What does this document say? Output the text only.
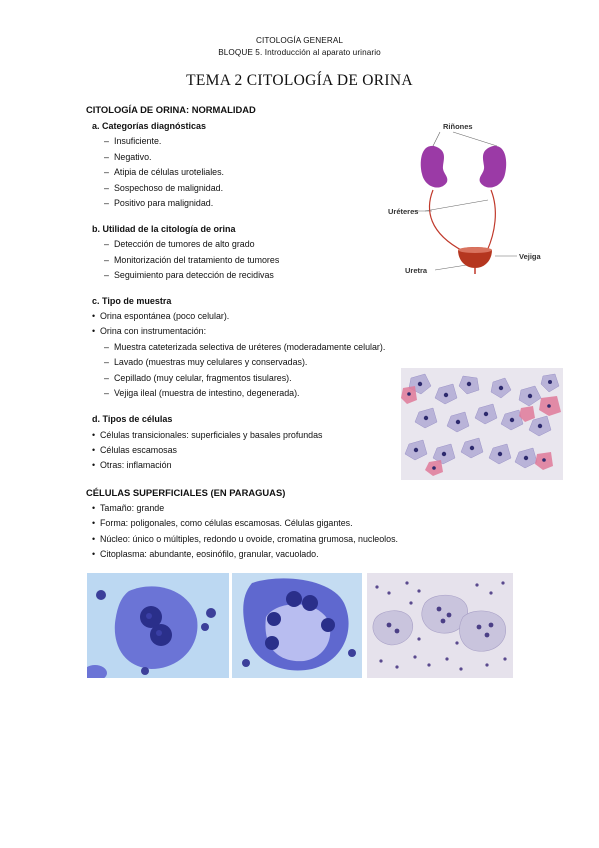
CITOLOGÍA GENERAL
BLOQUE 5. Introducción al aparato urinario
TEMA 2 CITOLOGÍA DE ORINA
CITOLOGÍA DE ORINA: NORMALIDAD
a. Categorías diagnósticas
– Insuficiente.
– Negativo.
– Atipia de células uroteliales.
– Sospechoso de malignidad.
– Positivo para malignidad.
b. Utilidad de la citología de orina
– Detección de tumores de alto grado
– Monitorización del tratamiento de tumores
– Seguimiento para detección de recidivas
c. Tipo de muestra
• Orina espontánea (poco celular).
• Orina con instrumentación:
– Muestra cateterizada selectiva de uréteres (moderadamente celular).
– Lavado (muestras muy celulares y conservadas).
– Cepillado (muy celular, fragmentos tisulares).
– Vejiga ileal (muestra de intestino, degenerada).
d. Tipos de células
• Células transicionales: superficiales y basales profundas
• Células escamosas
• Otras: inflamación
CÉLULAS SUPERFICIALES (EN PARAGUAS)
• Tamaño: grande
• Forma: poligonales, como células escamosas. Células gigantes.
• Núcleo: único o múltiples, redondo u ovoide, cromatina grumosa, nucleolos.
• Citoplasma: abundante, eosinófilo, granular, vacuolado.
Riñones
Uréteres
Vejiga
Uretra
